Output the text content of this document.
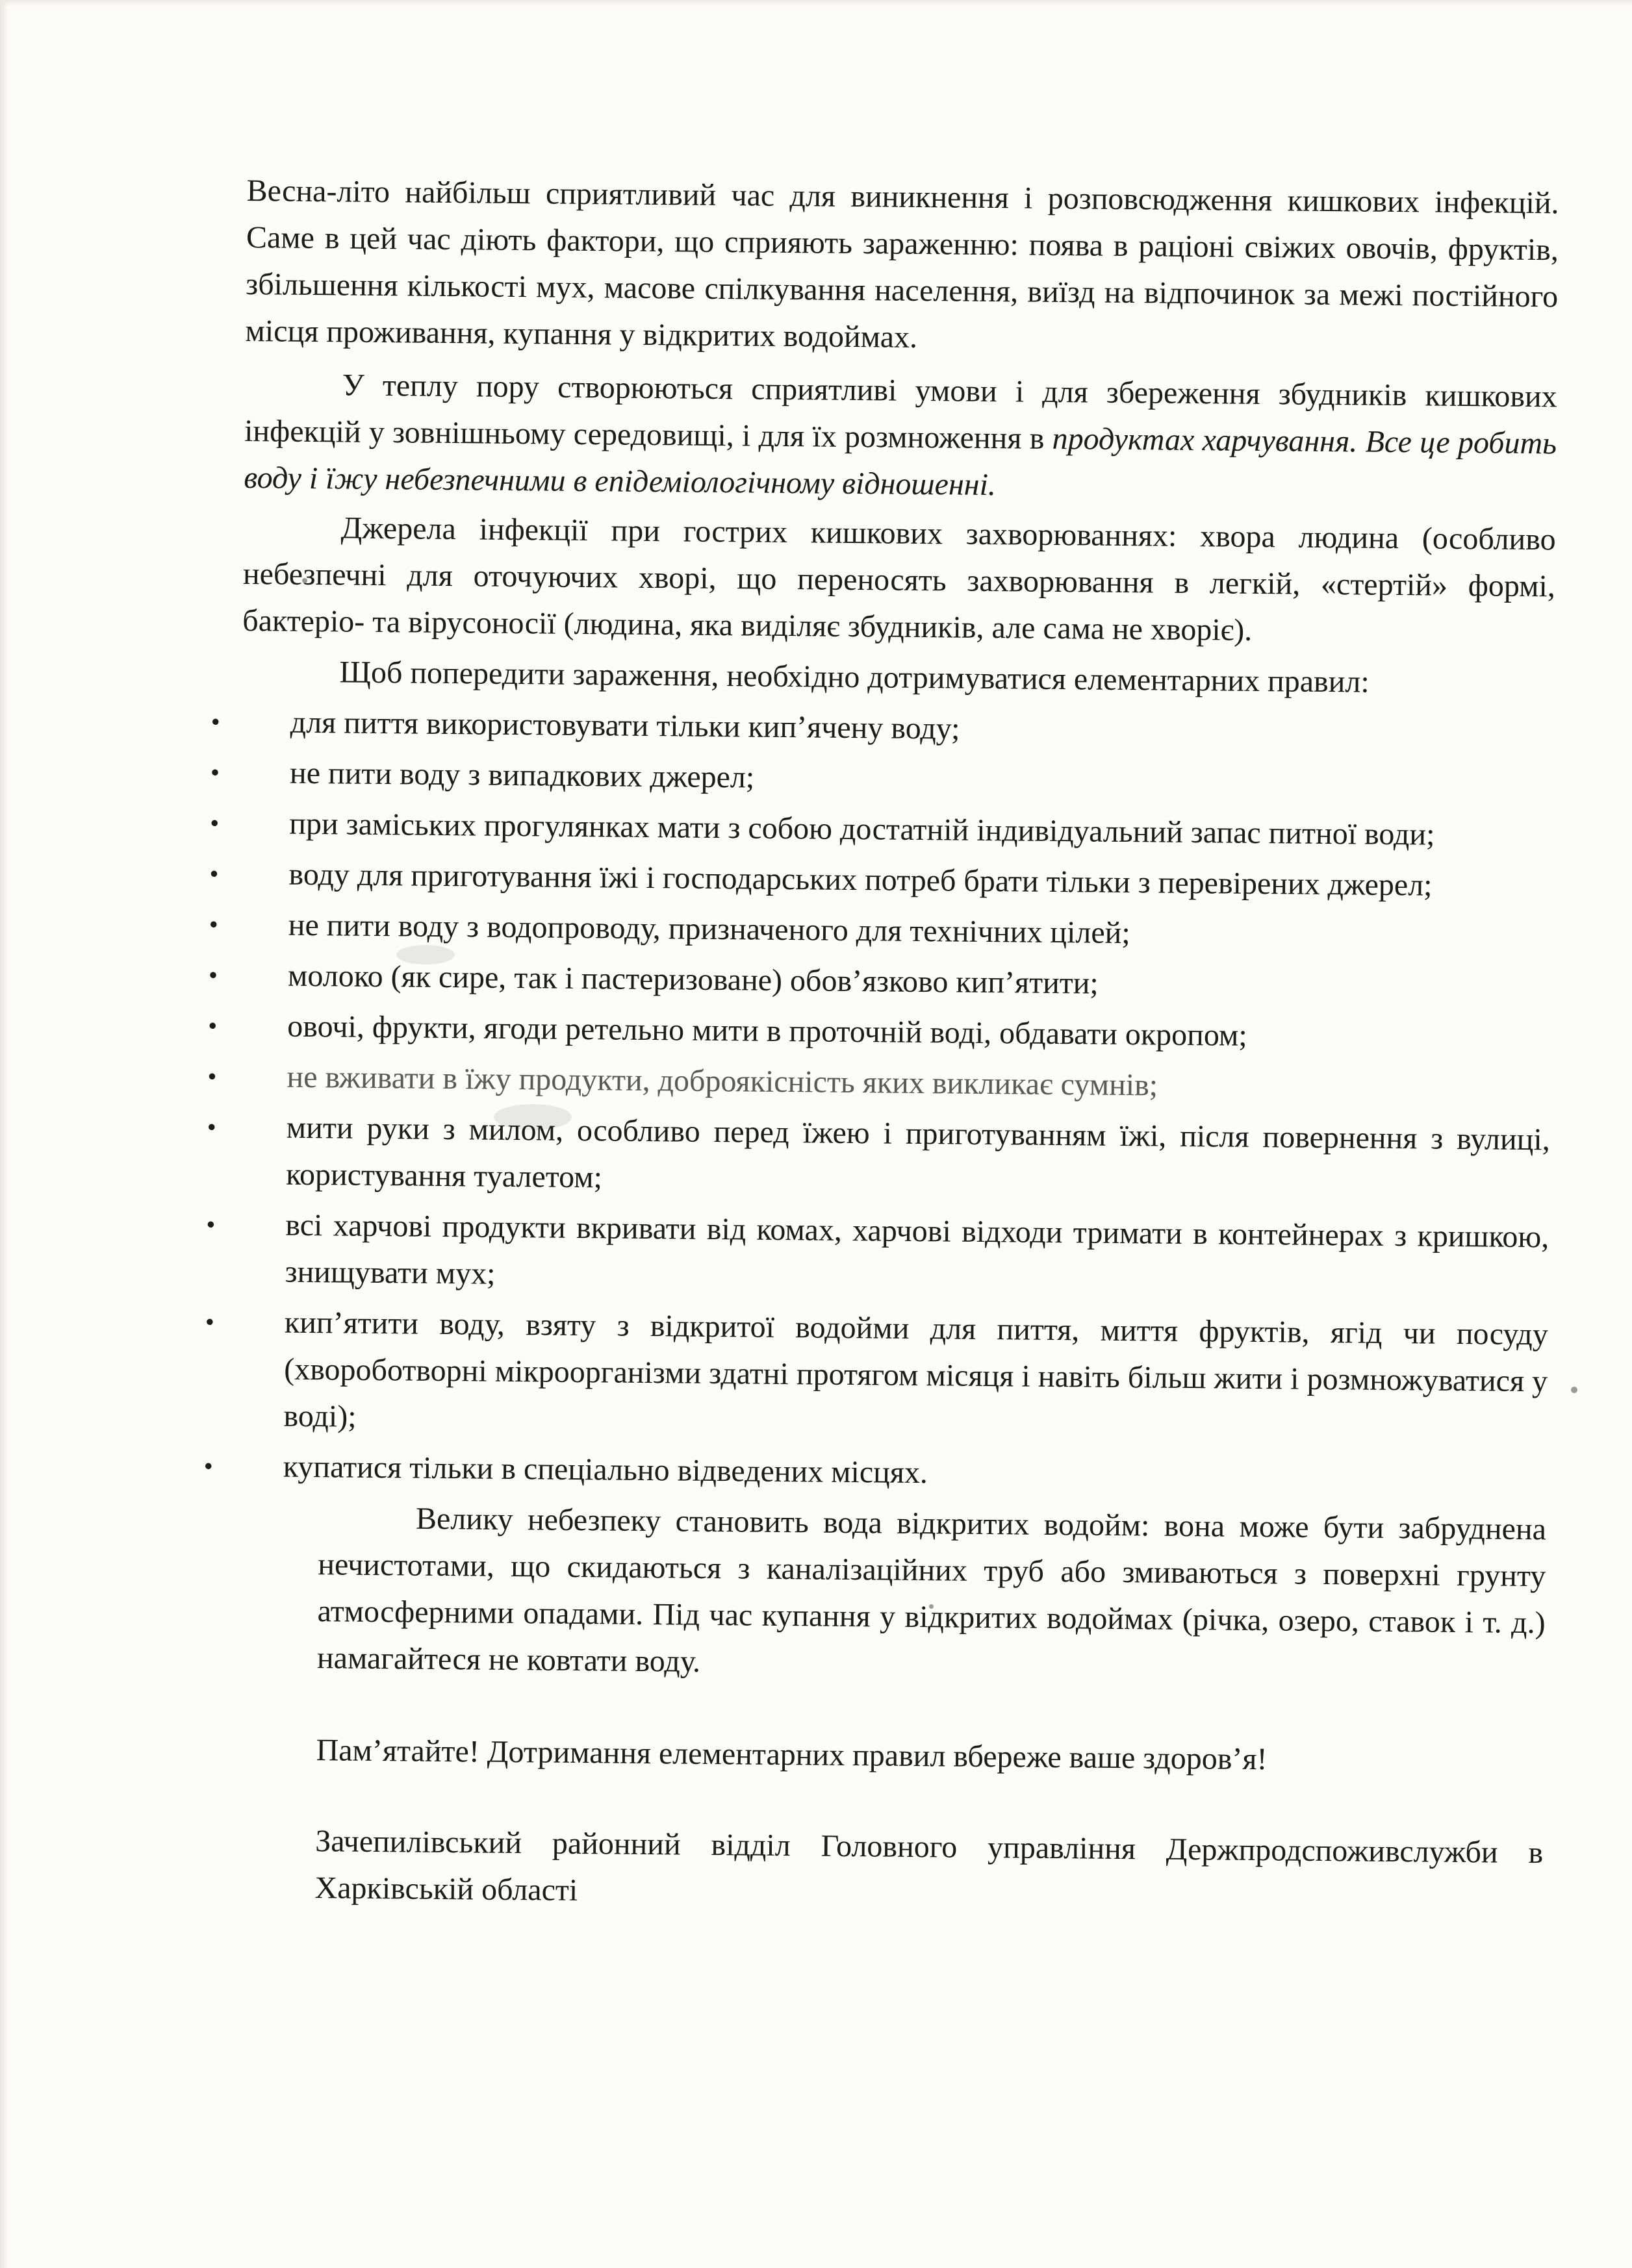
Весна-літо найбільш сприятливий час для виникнення і розповсюдження кишкових інфекцій. Саме в цей час діють фактори, що сприяють зараженню: поява в раціоні свіжих овочів, фруктів, збільшення кількості мух, масове спілкування населення, виїзд на відпочинок за межі постійного місця проживання, купання у відкритих водоймах.

У теплу пору створюються сприятливі умови і для збереження збудників кишкових інфекцій у зовнішньому середовищі, і для їх розмноження в продуктах харчування. Все це робить воду і їжу небезпечними в епідеміологічному відношенні.

Джерела інфекції при гострих кишкових захворюваннях: хвора людина (особливо небезпечні для оточуючих хворі, що переносять захворювання в легкій, «стертій» формі, бактеріо- та вірусоносії (людина, яка виділяє збудників, але сама не хворіє).

Щоб попередити зараження, необхідно дотримуватися елементарних правил:

•	для пиття використовувати тільки кип’ячену воду;
•	не пити воду з випадкових джерел;
•	при заміських прогулянках мати з собою достатній індивідуальний запас питної води;
•	воду для приготування їжі і господарських потреб брати тільки з перевірених джерел;
•	не пити воду з водопроводу, призначеного для технічних цілей;
•	молоко (як сире, так і пастеризоване) обов’язково кип’ятити;
•	овочі, фрукти, ягоди ретельно мити в проточній воді, обдавати окропом;
•	не вживати в їжу продукти, доброякісність яких викликає сумнів;
•	мити руки з милом, особливо перед їжею і приготуванням їжі, після повернення з вулиці, користування туалетом;
•	всі харчові продукти вкривати від комах, харчові відходи тримати в контейнерах з кришкою, знищувати мух;
•	кип’ятити воду, взяту з відкритої водойми для пиття, миття фруктів, ягід чи посуду (хвороботворні мікроорганізми здатні протягом місяця і навіть більш жити і розмножуватися у воді);
•	купатися тільки в спеціально відведених місцях.

Велику небезпеку становить вода відкритих водойм: вона може бути забруднена нечистотами, що скидаються з каналізаційних труб або змиваються з поверхні грунту атмосферними опадами. Під час купання у відкритих водоймах (річка, озеро, ставок і т. д.) намагайтеся не ковтати воду.

Пам’ятайте! Дотримання елементарних правил вбереже ваше здоров’я!

Зачепилівський районний відділ Головного управління Держпродспоживслужби в Харківській області
